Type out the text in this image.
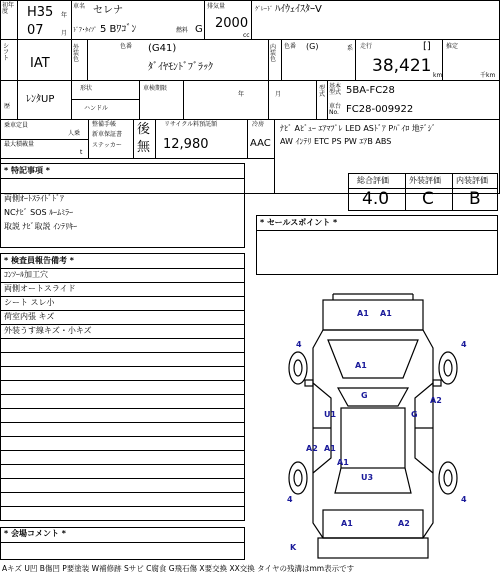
初年度	H35 年
07	月
車名 セレナ
ﾄﾞｱ･ﾀｲﾌﾟ 5 Bﾜｺﾞﾝ	燃料 G
排気量
2000
cc
ｸﾞﾚｰﾄﾞ ﾊｲｳｪｲｽﾀｰV
シフト	IAT
外装色
色番 (G41)
ﾀﾞｲﾔﾓﾝﾄﾞﾌﾞﾗｯｸ
内装色
色番 (G)	系 走行	[]
38,421 km
推定
千km
歴
ﾚﾝﾀUP
形状
ハンドル
車検期限
年	月
型式
基本型式 5BA-FC28
車台No. FC28-009922
乗車定員
人乗
最大積載量
t
整備手帳
新車保証書
ステッカー
後
無
リサイクル料預託額
12,980
冷房
AAC
ﾅﾋﾞ Aﾋﾞｭｰ ｴｱﾏﾌﾟﾚ LED ASﾄﾞｱ Pﾊﾟｲﾛ 地ﾃﾞｼﾞ
AW ｲﾝﾃﾘ ETC PS PW ｴｱB ABS
* 特記事項 *
両側ｵｰﾄｽﾗｲﾄﾞﾄﾞｱ
NCﾅﾋﾞ SOS ﾙｰﾑﾐﾗｰ
取説 ﾅﾋﾞ取説 ｲﾝﾃﾘｷｰ
総合評価	外装評価 内装評価
4.0 C B
* セールスポイント *
* 検査員報告備考 *
ｺﾝｿｰﾙ加工穴
両側オートスライド
シート スレ小
荷室内張 キズ
外装うす線キズ・小キズ
* 会場コメント *
Aキズ U凹 B傷凹 P要塗装 W補修跡 Sサビ C腐食 G飛石傷 X要交換 XX交換 タイヤの残溝はmm表示です
A1 A1
A1
4	4
G
U1	G
A2
A2 A1
A1
U3
4	4
A1	A2
K
